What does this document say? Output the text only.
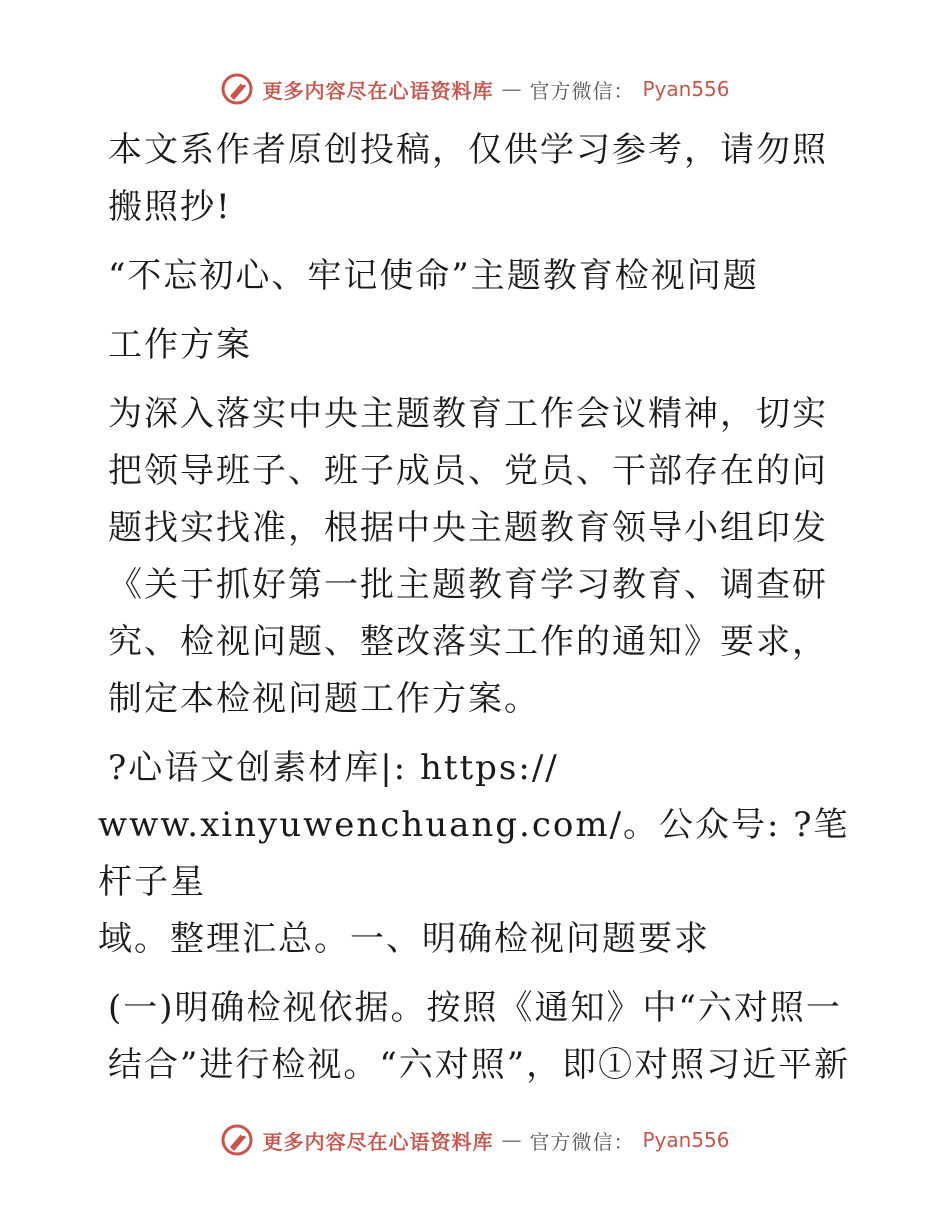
更多内容尽在心语资料库 — 官方微信： Pyan556

本文系作者原创投稿，仅供学习参考，请勿照搬照抄!

“不忘初心、牢记使命”主题教育检视问题

工作方案

为深入落实中央主题教育工作会议精神，切实把领导班子、班子成员、党员、干部存在的问题找实找准，根据中央主题教育领导小组印发《关于抓好第一批主题教育学习教育、调查研究、检视问题、整改落实工作的通知》要求，制定本检视问题工作方案。

?心语文创素材库|: https://

www.xinyuwenchuang.com/。公众号: ?笔杆子星

域。整理汇总。一、明确检视问题要求

(一)明确检视依据。按照《通知》中“六对照一结合”进行检视。“六对照”，即①对照习近平新

更多内容尽在心语资料库 — 官方微信： Pyan556
